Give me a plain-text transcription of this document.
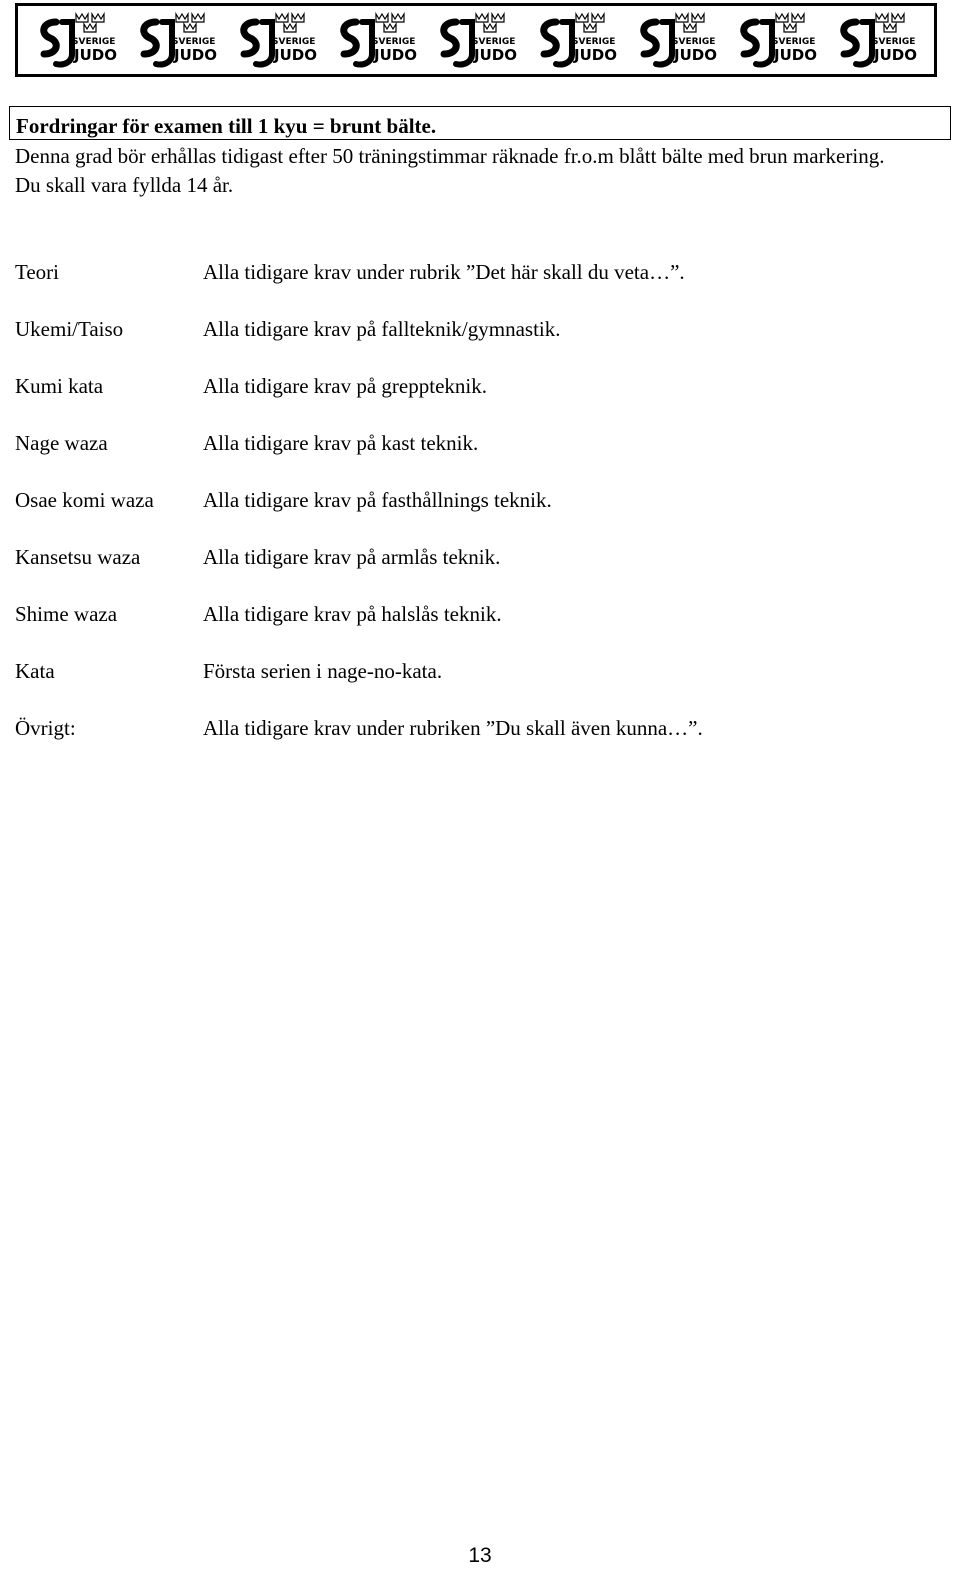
SVERIGE
JUDO
SVERIGE
JUDO
SVERIGE
JUDO
SVERIGE
JUDO
SVERIGE
JUDO
SVERIGE
JUDO
SVERIGE
JUDO
SVERIGE
JUDO
SVERIGE
JUDO
Fordringar för examen till 1 kyu = brunt bälte.

Denna grad bör erhållas tidigast efter 50 träningstimmar räknade fr.o.m blått bälte med brun markering.

Du skall vara fyllda 14 år.

Teori	Alla tidigare krav under rubrik ”Det här skall du veta…”.
Ukemi/Taiso	Alla tidigare krav på fallteknik/gymnastik.
Kumi kata	Alla tidigare krav på greppteknik.
Nage waza	Alla tidigare krav på kast teknik.
Osae komi waza Alla tidigare krav på fasthållnings teknik.
Kansetsu waza	Alla tidigare krav på armlås teknik.
Shime waza	Alla tidigare krav på halslås teknik.
Kata	Första serien i nage-no-kata.
Övrigt:	Alla tidigare krav under rubriken ”Du skall även kunna…”.
13
